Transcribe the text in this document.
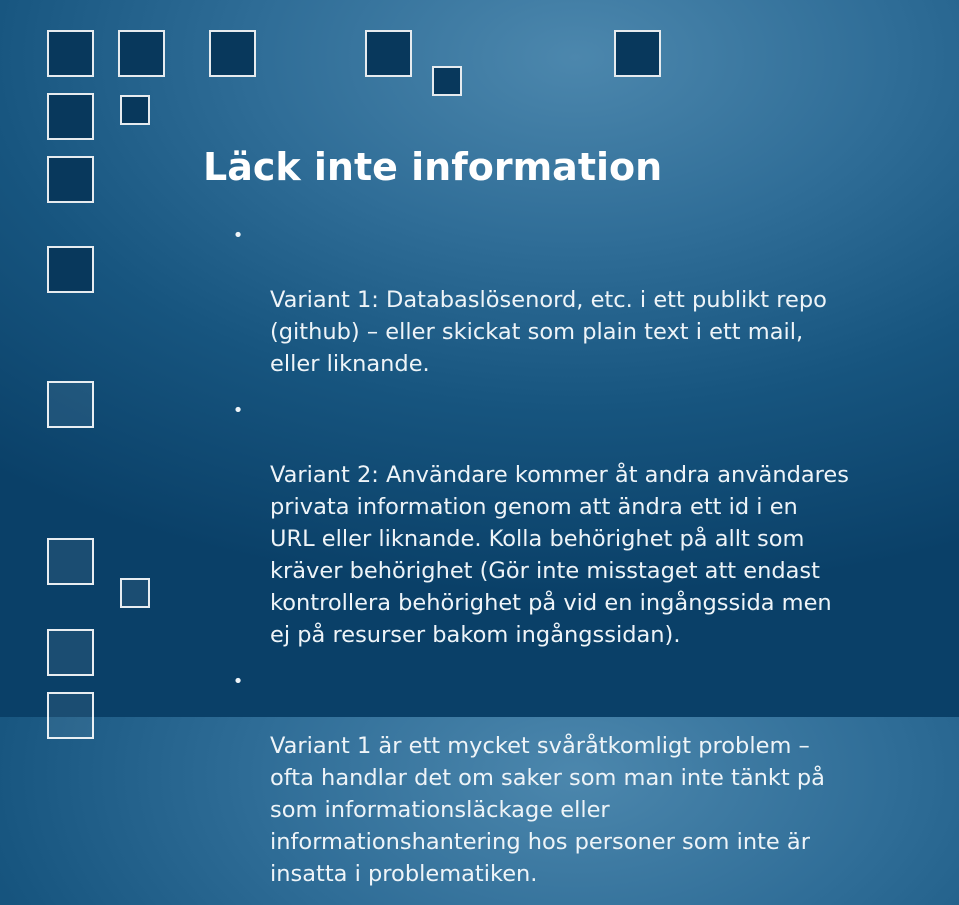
Läck inte information

•

Variant 1: Databaslösenord, etc. i ett publikt repo
(github) – eller skickat som plain text i ett mail,
eller liknande.

•

Variant 2: Användare kommer åt andra användares
privata information genom att ändra ett id i en
URL eller liknande. Kolla behörighet på allt som
kräver behörighet (Gör inte misstaget att endast
kontrollera behörighet på vid en ingångssida men
ej på resurser bakom ingångssidan).

•

Variant 1 är ett mycket svåråtkomligt problem –
ofta handlar det om saker som man inte tänkt på
som informationsläckage eller
informationshantering hos personer som inte är
insatta i problematiken.
